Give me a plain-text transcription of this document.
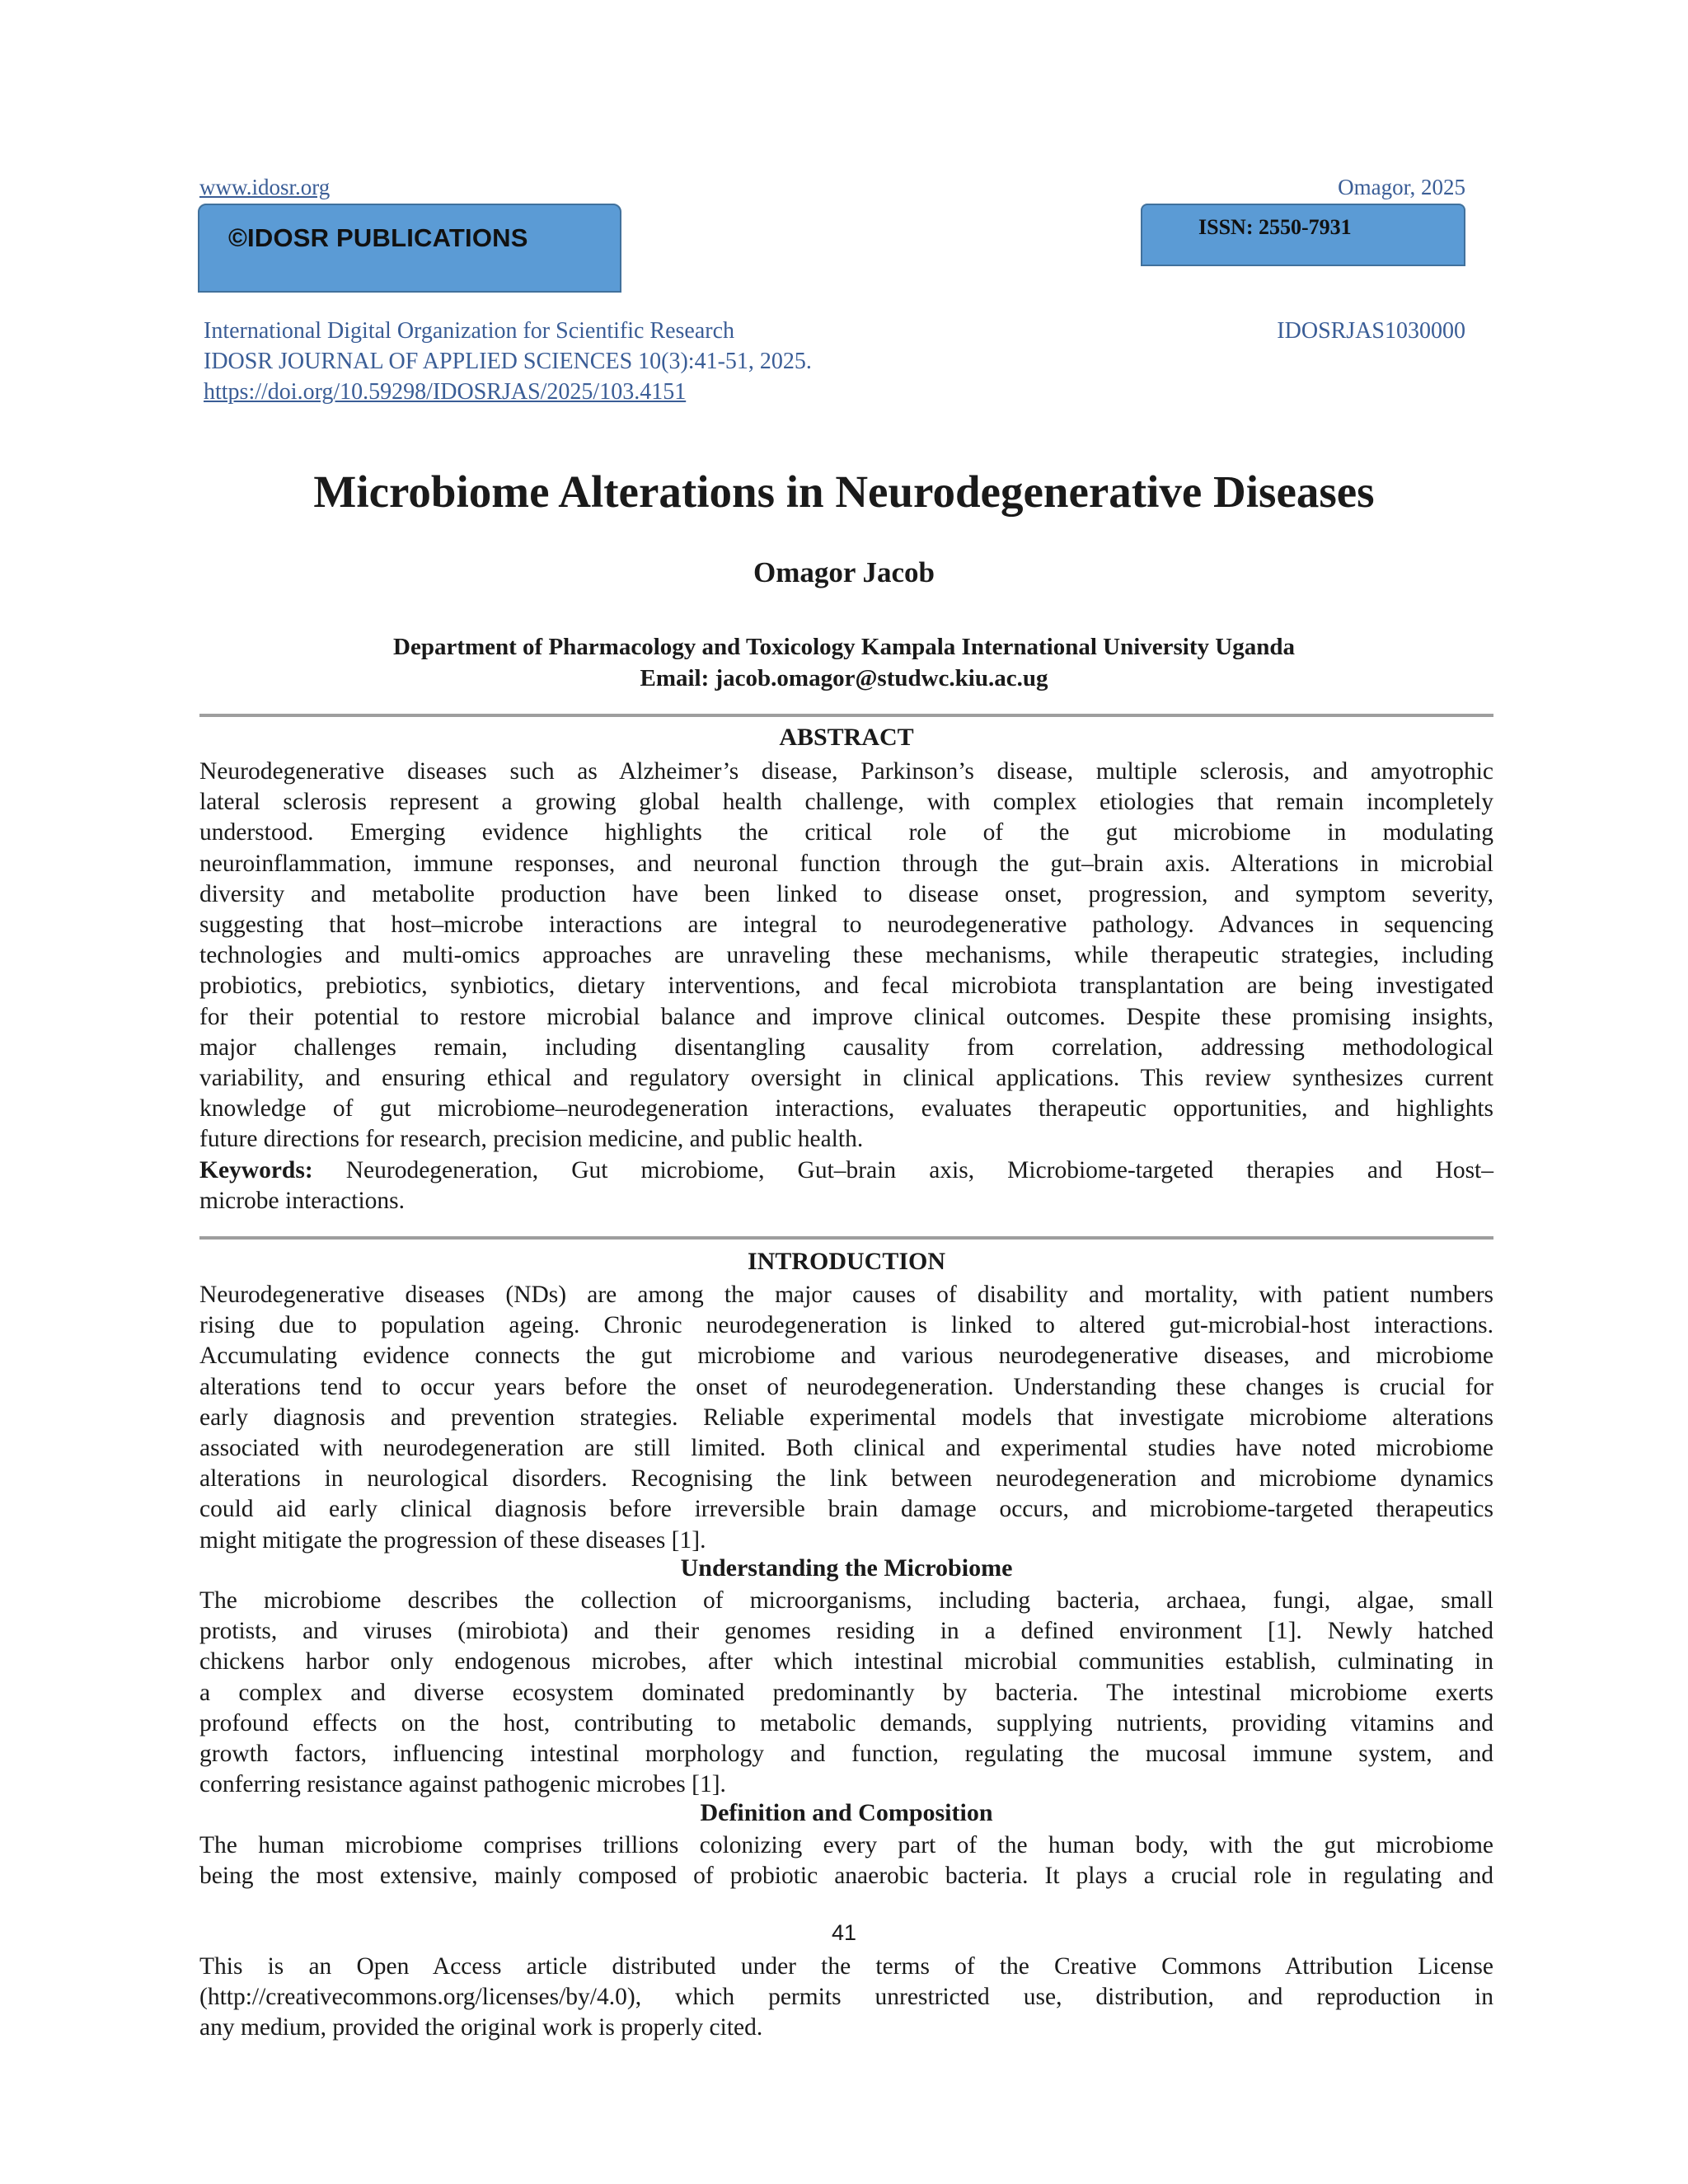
www.idosr.org	Omagor, 2025
©IDOSR PUBLICATIONS	ISSN: 2550-7931
International Digital Organization for Scientific Research
IDOSR JOURNAL OF APPLIED SCIENCES 10(3):41-51, 2025.
https://doi.org/10.59298/IDOSRJAS/2025/103.4151
IDOSRJAS1030000
Microbiome Alterations in Neurodegenerative Diseases
Omagor Jacob
Department of Pharmacology and Toxicology Kampala International University Uganda
Email: jacob.omagor@studwc.kiu.ac.ug
ABSTRACT
Neurodegenerative diseases such as Alzheimer’s disease, Parkinson’s disease, multiple sclerosis, and amyotrophic
lateral sclerosis represent a growing global health challenge, with complex etiologies that remain incompletely
understood. Emerging evidence highlights the critical role of the gut microbiome in modulating
neuroinflammation, immune responses, and neuronal function through the gut–brain axis. Alterations in microbial
diversity and metabolite production have been linked to disease onset, progression, and symptom severity,
suggesting that host–microbe interactions are integral to neurodegenerative pathology. Advances in sequencing
technologies and multi-omics approaches are unraveling these mechanisms, while therapeutic strategies, including
probiotics, prebiotics, synbiotics, dietary interventions, and fecal microbiota transplantation are being investigated
for their potential to restore microbial balance and improve clinical outcomes. Despite these promising insights,
major challenges remain, including disentangling causality from correlation, addressing methodological
variability, and ensuring ethical and regulatory oversight in clinical applications. This review synthesizes current
knowledge of gut microbiome–neurodegeneration interactions, evaluates therapeutic opportunities, and highlights
future directions for research, precision medicine, and public health.
Keywords: Neurodegeneration, Gut microbiome, Gut–brain axis, Microbiome-targeted therapies and Host–
microbe interactions.
INTRODUCTION
Neurodegenerative diseases (NDs) are among the major causes of disability and mortality, with patient numbers
rising due to population ageing. Chronic neurodegeneration is linked to altered gut-microbial-host interactions.
Accumulating evidence connects the gut microbiome and various neurodegenerative diseases, and microbiome
alterations tend to occur years before the onset of neurodegeneration. Understanding these changes is crucial for
early diagnosis and prevention strategies. Reliable experimental models that investigate microbiome alterations
associated with neurodegeneration are still limited. Both clinical and experimental studies have noted microbiome
alterations in neurological disorders. Recognising the link between neurodegeneration and microbiome dynamics
could aid early clinical diagnosis before irreversible brain damage occurs, and microbiome-targeted therapeutics
might mitigate the progression of these diseases [1].
Understanding the Microbiome
The microbiome describes the collection of microorganisms, including bacteria, archaea, fungi, algae, small
protists, and viruses (mirobiota) and their genomes residing in a defined environment [1]. Newly hatched
chickens harbor only endogenous microbes, after which intestinal microbial communities establish, culminating in
a complex and diverse ecosystem dominated predominantly by bacteria. The intestinal microbiome exerts
profound effects on the host, contributing to metabolic demands, supplying nutrients, providing vitamins and
growth factors, influencing intestinal morphology and function, regulating the mucosal immune system, and
conferring resistance against pathogenic microbes [1].
Definition and Composition
The human microbiome comprises trillions colonizing every part of the human body, with the gut microbiome
being the most extensive, mainly composed of probiotic anaerobic bacteria. It plays a crucial role in regulating and
41
This is an Open Access article distributed under the terms of the Creative Commons Attribution License
(http://creativecommons.org/licenses/by/4.0), which permits unrestricted use, distribution, and reproduction in
any medium, provided the original work is properly cited.
